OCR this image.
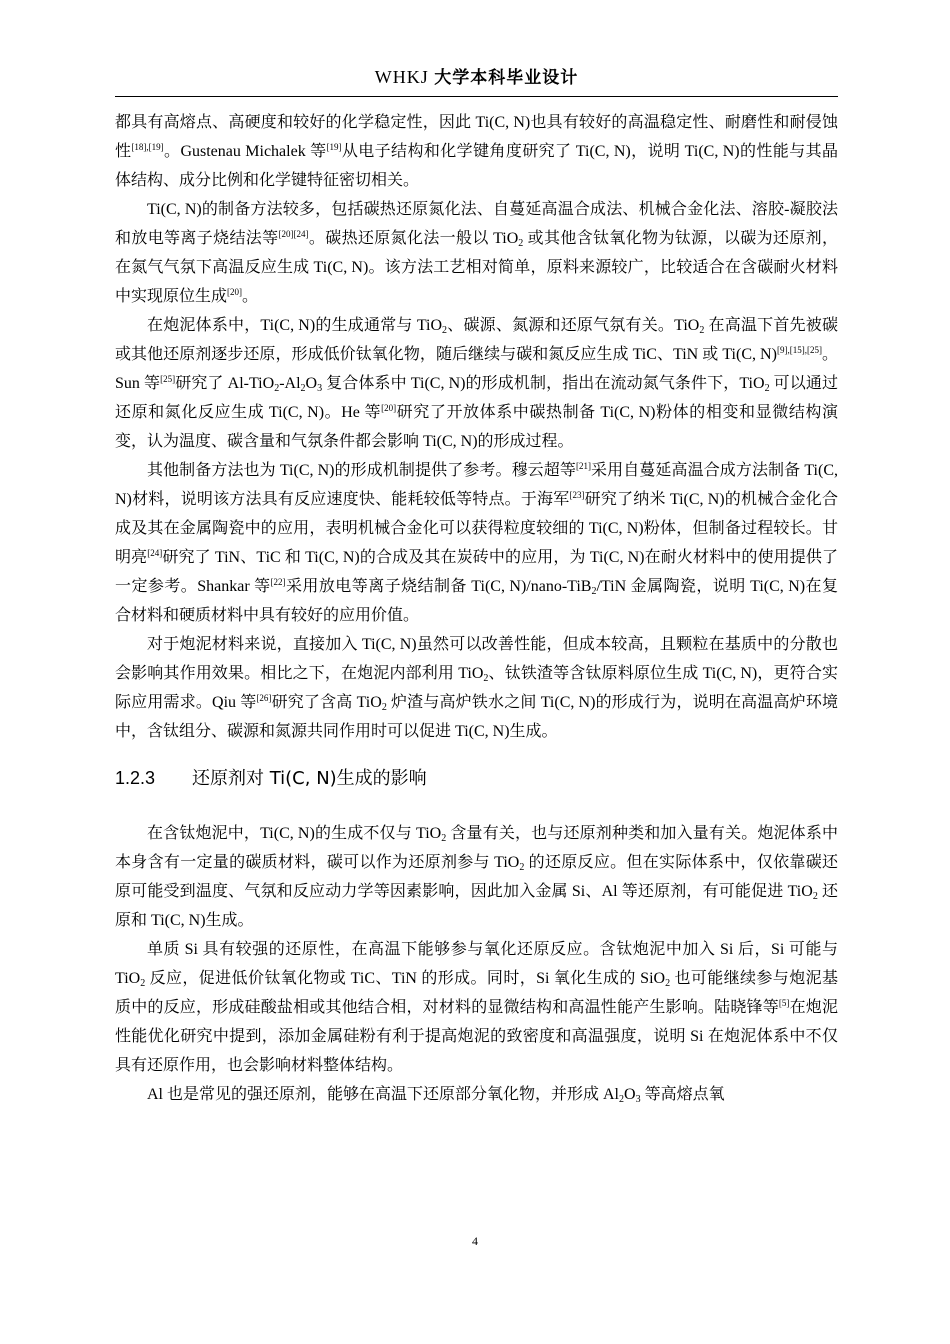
WHKJ 大学本科毕业设计

都具有高熔点、高硬度和较好的化学稳定性，因此 Ti(C, N)也具有较好的高温稳定性、耐磨性和耐侵蚀性[18],[19]。Gustenau Michalek 等[19]从电子结构和化学键角度研究了 Ti(C, N)，说明 Ti(C, N)的性能与其晶体结构、成分比例和化学键特征密切相关。

Ti(C, N)的制备方法较多，包括碳热还原氮化法、自蔓延高温合成法、机械合金化法、溶胶-凝胶法和放电等离子烧结法等[20][24]。碳热还原氮化法一般以 TiO$_2$ 或其他含钛氧化物为钛源，以碳为还原剂，在氮气气氛下高温反应生成 Ti(C, N)。该方法工艺相对简单，原料来源较广，比较适合在含碳耐火材料中实现原位生成[20]。

在炮泥体系中，Ti(C, N)的生成通常与 TiO$_2$、碳源、氮源和还原气氛有关。TiO$_2$ 在高温下首先被碳或其他还原剂逐步还原，形成低价钛氧化物，随后继续与碳和氮反应生成 TiC、TiN 或 Ti(C, N)[9],[15],[25]。Sun 等[25]研究了 $Al-TiO_2-Al_2O_3$ 复合体系中 Ti(C, N)的形成机制，指出在流动氮气条件下，TiO$_2$ 可以通过还原和氮化反应生成 Ti(C, N)。He 等[20]研究了开放体系中碳热制备 Ti(C, N)粉体的相变和显微结构演变，认为温度、碳含量和气氛条件都会影响 Ti(C, N)的形成过程。

其他制备方法也为 Ti(C, N)的形成机制提供了参考。穆云超等[21]采用自蔓延高温合成方法制备 Ti(C, N)材料，说明该方法具有反应速度快、能耗较低等特点。于海军[23]研究了纳米 Ti(C, N)的机械合金化合成及其在金属陶瓷中的应用，表明机械合金化可以获得粒度较细的 Ti(C, N)粉体，但制备过程较长。甘明亮[24]研究了 TiN、TiC 和 Ti(C, N)的合成及其在炭砖中的应用，为 Ti(C, N)在耐火材料中的使用提供了一定参考。Shankar 等[22]采用放电等离子烧结制备 Ti(C, N)/nano-TiB$_2$/TiN 金属陶瓷，说明 Ti(C, N)在复合材料和硬质材料中具有较好的应用价值。

对于炮泥材料来说，直接加入 Ti(C, N)虽然可以改善性能，但成本较高，且颗粒在基质中的分散也会影响其作用效果。相比之下，在炮泥内部利用 TiO$_2$、钛铁渣等含钛原料原位生成 Ti(C, N)，更符合实际应用需求。Qiu 等[26]研究了含高 TiO$_2$ 炉渣与高炉铁水之间 Ti(C, N)的形成行为，说明在高温高炉环境中，含钛组分、碳源和氮源共同作用时可以促进 Ti(C, N)生成。

1.2.3 还原剂对 Ti(C, N)生成的影响

在含钛炮泥中，Ti(C, N)的生成不仅与 TiO$_2$ 含量有关，也与还原剂种类和加入量有关。炮泥体系中本身含有一定量的碳质材料，碳可以作为还原剂参与 TiO$_2$ 的还原反应。但在实际体系中，仅依靠碳还原可能受到温度、气氛和反应动力学等因素影响，因此加入金属 Si、Al 等还原剂，有可能促进 TiO$_2$ 还原和 Ti(C, N)生成。

单质 Si 具有较强的还原性，在高温下能够参与氧化还原反应。含钛炮泥中加入 Si 后，Si 可能与 TiO$_2$ 反应，促进低价钛氧化物或 TiC、TiN 的形成。同时，Si 氧化生成的 SiO$_2$ 也可能继续参与炮泥基质中的反应，形成硅酸盐相或其他结合相，对材料的显微结构和高温性能产生影响。陆晓锋等[5]在炮泥性能优化研究中提到，添加金属硅粉有利于提高炮泥的致密度和高温强度，说明 Si 在炮泥体系中不仅具有还原作用，也会影响材料整体结构。

Al 也是常见的强还原剂，能够在高温下还原部分氧化物，并形成 $Al_2O_3$ 等高熔点氧

4
